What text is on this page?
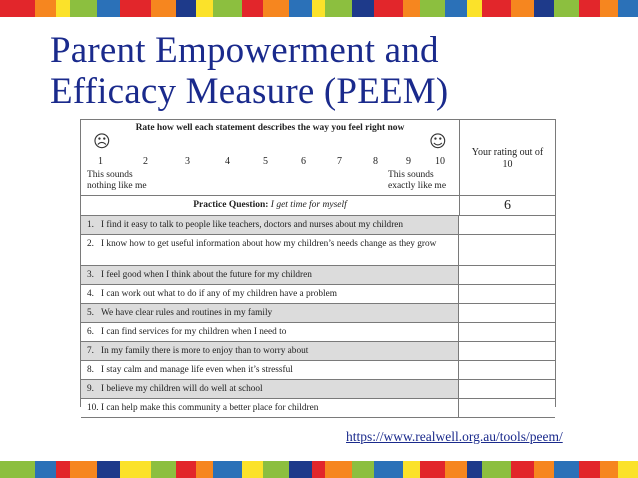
Parent Empowerment and
Efficacy Measure (PEEM)
Rate how well each statement describes the way you feel right now
☹	☺
1	2	3	4	5	6	7	8	9 10
This sounds
nothing like me
This sounds
exactly like me
Your rating out of
10
Practice Question: I get time for myself	6
1. I find it easy to talk to people like teachers, doctors and nurses about my children
2. I know how to get useful information about how my children’s needs change as they grow
3. I feel good when I think about the future for my children
4. I can work out what to do if any of my children have a problem
5. We have clear rules and routines in my family
6. I can find services for my children when I need to
7. In my family there is more to enjoy than to worry about
8. I stay calm and manage life even when it’s stressful
9. I believe my children will do well at school
10. I can help make this community a better place for children
https://www.realwell.org.au/tools/peem/
